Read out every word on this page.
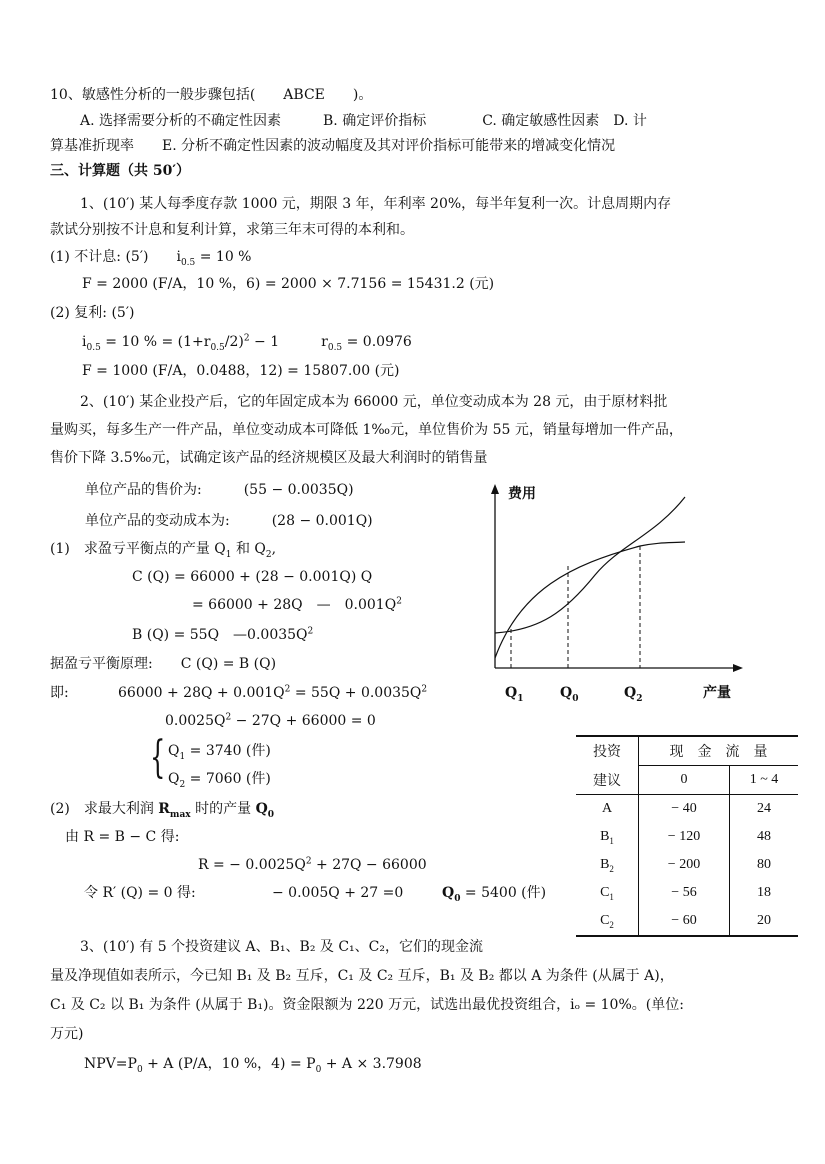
10、敏感性分析的一般步骤包括(　　 ABCE　　 )。
A. 选择需要分析的不确定性因素　　　B. 确定评价指标　　　　C. 确定敏感性因素　D. 计
算基准折现率　　E. 分析不确定性因素的波动幅度及其对评价指标可能带来的增减变化情况
三、计算题（共 50′）
1、(10′) 某人每季度存款 1000 元，期限 3 年，年利率 20%，每半年复利一次。计息周期内存
款试分别按不计息和复利计算，求第三年末可得的本利和。
(1) 不计息: (5′)　　 $i_{0.5} = 10$ %
F = 2000 (F/A，10 %，6) = 2000 × 7.7156 = 15431.2 (元)
(2) 复利: (5′)
$i_{0.5} = 10$ % = $(1+r_{0.5}/2)^2 - 1$　　　	$r_{0.5} = 0.0976$
F = 1000 (F/A，0.0488，12) = 15807.00 (元)
2、(10′) 某企业投产后，它的年固定成本为 66000 元，单位变动成本为 28 元，由于原材料批
量购买，每多生产一件产品，单位变动成本可降低 1‰元，单位售价为 55 元，销量每增加一件产品，
售价下降 3.5‰元，试确定该产品的经济规模区及最大利润时的销售量
单位产品的售价为:　　　	(55 − 0.0035Q)
单位产品的变动成本为:　　　	(28 − 0.001Q)
(1)　求盈亏平衡点的产量 $Q_1$ 和 $Q_2$,
C (Q) = 66000 + (28 − 0.001Q) Q
= 66000 + 28Q　—　$0.001Q^2$
B (Q) = 55Q　$—0.0035Q^2$
据盈亏平衡原理:　　C (Q) = B (Q)
即:	$66000 + 28Q + 0.001Q^2 = 55Q + 0.0035Q^2$
$0.0025Q^2 - 27Q + 66000 = 0$
{ $Q_1 = 3740$ (件)
$Q_2 = 7060$ (件)
(2)　求最大利润 $R_{max}$ 时的产量 $Q_0$
由 R = B − C 得:
R = − $0.0025Q^2 + 27Q - 66000$
令 R′ (Q) = 0 得:	− 0.005Q + 27 =0	$Q_0 = 5400$ (件)
费用
产量
$Q_1$	$Q_0$	$Q_2$
投资	现　金　流　量	
建议	0	1 ~ 4
A	− 40	24
$B_1$	− 120	48
$B_2$	− 200	80
$C_1$	− 56	18
$C_2$	− 60	20
3、(10′) 有 5 个投资建议 A、B₁、B₂ 及 C₁、C₂，它们的现金流
量及净现值如表所示，今已知 B₁ 及 B₂ 互斥，C₁ 及 C₂ 互斥，B₁ 及 B₂ 都以 A 为条件 (从属于 A)，
C₁ 及 C₂ 以 B₁ 为条件 (从属于 B₁)。资金限额为 220 万元，试选出最优投资组合，iₒ = 10%。(单位:
万元)
$NPV=P_0 + A$ (P/A，10 %，$4) = P_0 + A \times 3.7908$
